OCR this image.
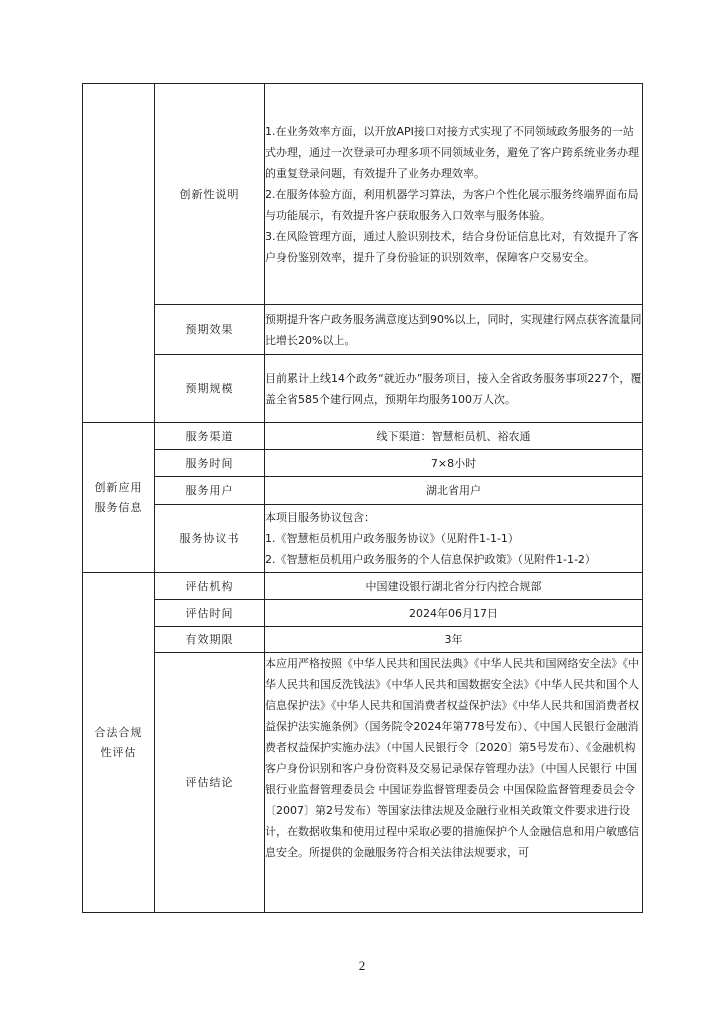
	创新性说明	1.在业务效率方面，以开放API接口对接方式实现了不同领域政务服务的一站式办理，通过一次登录可办理多项不同领域业务，避免了客户跨系统业务办理的重复登录问题，有效提升了业务办理效率。
2.在服务体验方面，利用机器学习算法，为客户个性化展示服务终端界面布局与功能展示，有效提升客户获取服务入口效率与服务体验。
3.在风险管理方面，通过人脸识别技术，结合身份证信息比对，有效提升了客户身份鉴别效率，提升了身份验证的识别效率，保障客户交易安全。

	预期效果	预期提升客户政务服务满意度达到90%以上，同时，实现建行网点获客流量同比增长20%以上。
	预期规模	目前累计上线14个政务“就近办”服务项目，接入全省政务服务事项227个，覆盖全省585个建行网点，预期年均服务100万人次。
创新应用服务信息	服务渠道	线下渠道：智慧柜员机、裕农通
	服务时间	7×8小时
	服务用户	湖北省用户
	服务协议书	本项目服务协议包含：
1.《智慧柜员机用户政务服务协议》（见附件1-1-1）
2.《智慧柜员机用户政务服务的个人信息保护政策》（见附件1-1-2）

合法合规性评估	评估机构	中国建设银行湖北省分行内控合规部
	评估时间	2024年06月17日
	有效期限	3年
	评估结论	本应用严格按照《中华人民共和国民法典》《中华人民共和国网络安全法》《中华人民共和国反洗钱法》《中华人民共和国数据安全法》《中华人民共和国个人信息保护法》《中华人民共和国消费者权益保护法》《中华人民共和国消费者权益保护法实施条例》（国务院令2024年第778号发布）、《中国人民银行金融消费者权益保护实施办法》（中国人民银行令〔2020〕第5号发布）、《金融机构客户身份识别和客户身份资料及交易记录保存管理办法》（中国人民银行 中国银行业监督管理委员会 中国证券监督管理委员会 中国保险监督管理委员会令〔2007〕第2号发布）等国家法律法规及金融行业相关政策文件要求进行设计，在数据收集和使用过程中采取必要的措施保护个人金融信息和用户敏感信息安全。所提供的金融服务符合相关法律法规要求，可
2
